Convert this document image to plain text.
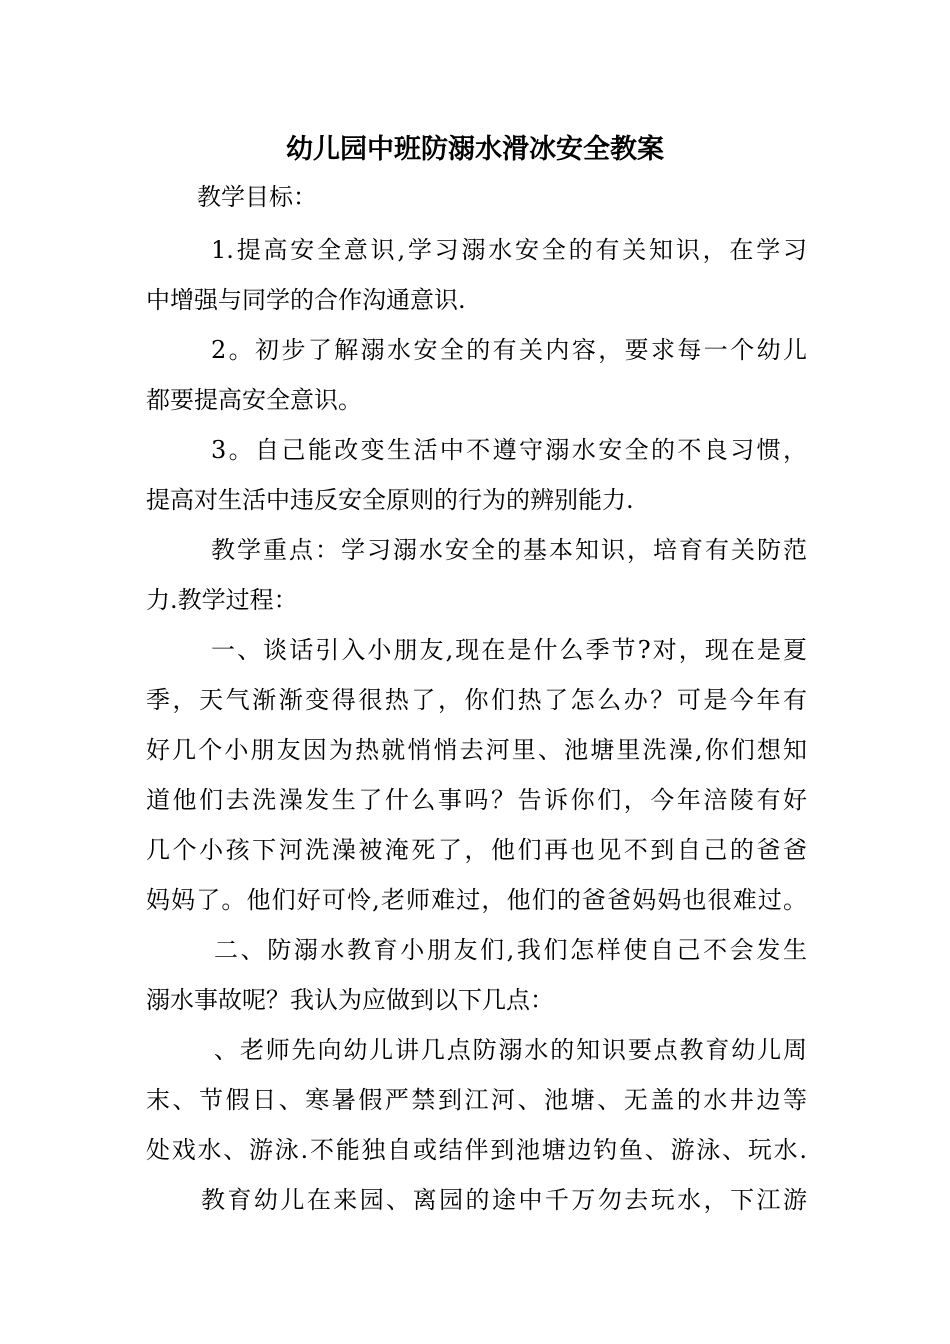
幼儿园中班防溺水滑冰安全教案
教学目标：
1.提高安全意识,学习溺水安全的有关知识，在学习
中增强与同学的合作沟通意识.
2。初步了解溺水安全的有关内容，要求每一个幼儿
都要提高安全意识。
3。自己能改变生活中不遵守溺水安全的不良习惯，
提高对生活中违反安全原则的行为的辨别能力.
教学重点：学习溺水安全的基本知识，培育有关防范
力.教学过程：
一、谈话引入小朋友,现在是什么季节?对，现在是夏
季，天气渐渐变得很热了，你们热了怎么办？可是今年有
好几个小朋友因为热就悄悄去河里、池塘里洗澡,你们想知
道他们去洗澡发生了什么事吗？告诉你们，今年涪陵有好
几个小孩下河洗澡被淹死了，他们再也见不到自己的爸爸
妈妈了。他们好可怜,老师难过，他们的爸爸妈妈也很难过。
二、防溺水教育小朋友们,我们怎样使自己不会发生
溺水事故呢？我认为应做到以下几点：
、老师先向幼儿讲几点防溺水的知识要点教育幼儿周
末、节假日、寒暑假严禁到江河、池塘、无盖的水井边等
处戏水、游泳.不能独自或结伴到池塘边钓鱼、游泳、玩水.
教育幼儿在来园、离园的途中千万勿去玩水，下江游
